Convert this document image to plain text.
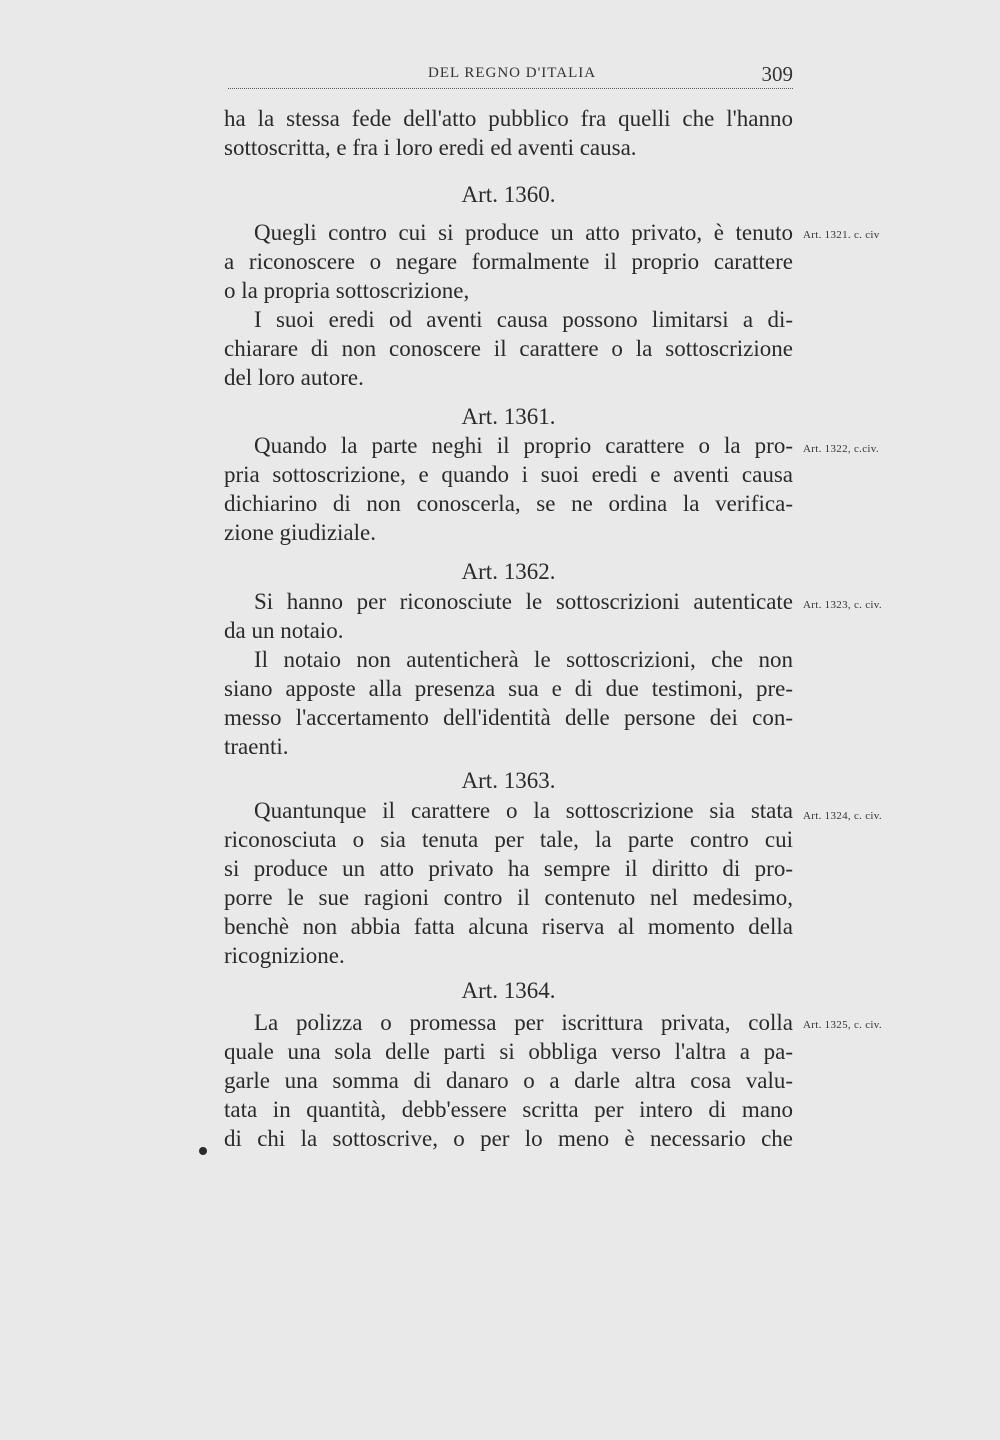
DEL REGNO D'ITALIA	309
ha la stessa fede dell'atto pubblico fra quelli che l'hanno
sottoscritta, e fra i loro eredi ed aventi causa.
Art. 1360.
Quegli contro cui si produce un atto privato, è tenuto Art. 1321. c. civ
a riconoscere o negare formalmente il proprio carattere
o la propria sottoscrizione,
I suoi eredi od aventi causa possono limitarsi a di-
chiarare di non conoscere il carattere o la sottoscrizione
del loro autore.
Art. 1361.
Quando la parte neghi il proprio carattere o la pro- Art. 1322, c.civ.
pria sottoscrizione, e quando i suoi eredi e aventi causa
dichiarino di non conoscerla, se ne ordina la verifica-
zione giudiziale.
Art. 1362.
Si hanno per riconosciute le sottoscrizioni autenticate Art. 1323, c. civ.
da un notaio.
Il notaio non autenticherà le sottoscrizioni, che non
siano apposte alla presenza sua e di due testimoni, pre-
messo l'accertamento dell'identità delle persone dei con-
traenti.
Art. 1363.
Quantunque il carattere o la sottoscrizione sia stata Art. 1324, c. civ.
riconosciuta o sia tenuta per tale, la parte contro cui
si produce un atto privato ha sempre il diritto di pro-
porre le sue ragioni contro il contenuto nel medesimo,
benchè non abbia fatta alcuna riserva al momento della
ricognizione.
Art. 1364.
La polizza o promessa per iscrittura privata, colla Art. 1325, c. civ.
quale una sola delle parti si obbliga verso l'altra a pa-
garle una somma di danaro o a darle altra cosa valu-
tata in quantità, debb'essere scritta per intero di mano
di chi la sottoscrive, o per lo meno è necessario che
